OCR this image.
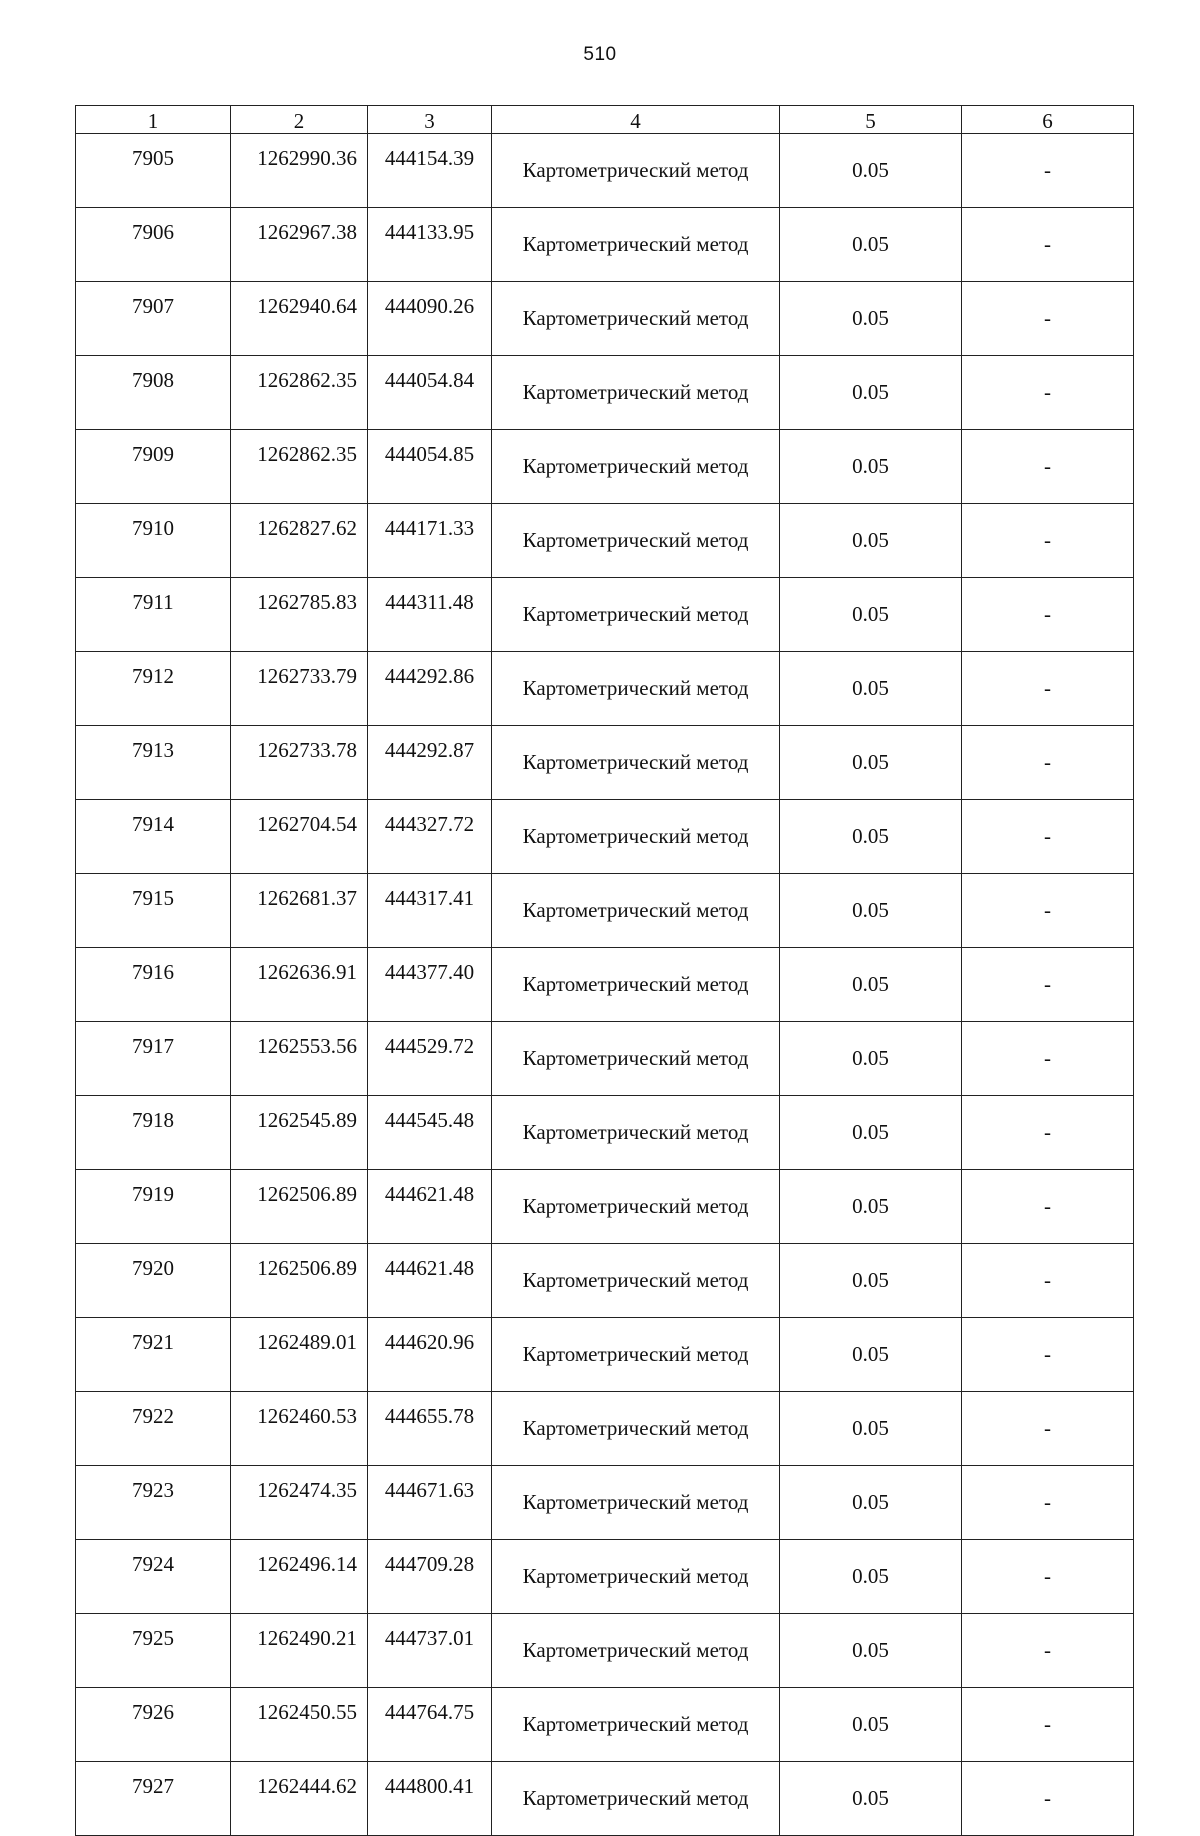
510
1	2	3	4	5	6
7905	1262990.36	444154.39	Картометрический метод	0.05	-
7906	1262967.38	444133.95	Картометрический метод	0.05	-
7907	1262940.64	444090.26	Картометрический метод	0.05	-
7908	1262862.35	444054.84	Картометрический метод	0.05	-
7909	1262862.35	444054.85	Картометрический метод	0.05	-
7910	1262827.62	444171.33	Картометрический метод	0.05	-
7911	1262785.83	444311.48	Картометрический метод	0.05	-
7912	1262733.79	444292.86	Картометрический метод	0.05	-
7913	1262733.78	444292.87	Картометрический метод	0.05	-
7914	1262704.54	444327.72	Картометрический метод	0.05	-
7915	1262681.37	444317.41	Картометрический метод	0.05	-
7916	1262636.91	444377.40	Картометрический метод	0.05	-
7917	1262553.56	444529.72	Картометрический метод	0.05	-
7918	1262545.89	444545.48	Картометрический метод	0.05	-
7919	1262506.89	444621.48	Картометрический метод	0.05	-
7920	1262506.89	444621.48	Картометрический метод	0.05	-
7921	1262489.01	444620.96	Картометрический метод	0.05	-
7922	1262460.53	444655.78	Картометрический метод	0.05	-
7923	1262474.35	444671.63	Картометрический метод	0.05	-
7924	1262496.14	444709.28	Картометрический метод	0.05	-
7925	1262490.21	444737.01	Картометрический метод	0.05	-
7926	1262450.55	444764.75	Картометрический метод	0.05	-
7927	1262444.62	444800.41	Картометрический метод	0.05	-
